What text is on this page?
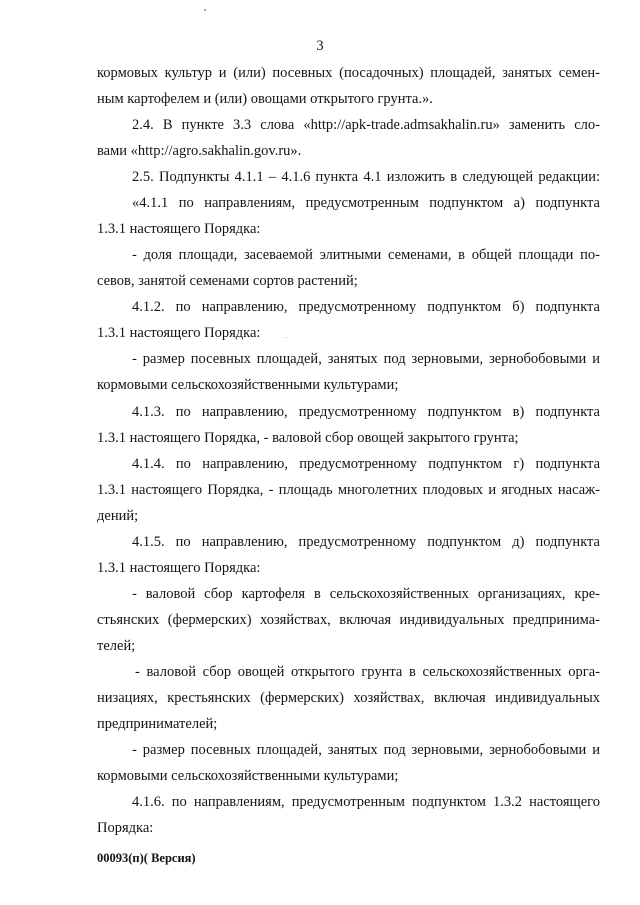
3
кормовых культур и (или) посевных (посадочных) площадей, занятых семен-
ным картофелем и (или) овощами открытого грунта.».
2.4. В пункте 3.3 слова «http://apk-trade.admsakhalin.ru» заменить сло-
вами «http://agro.sakhalin.gov.ru».
2.5. Подпункты 4.1.1 – 4.1.6 пункта 4.1 изложить в следующей редакции:
«4.1.1 по направлениям, предусмотренным подпунктом а) подпункта
1.3.1 настоящего Порядка:
- доля площади, засеваемой элитными семенами, в общей площади по-
севов, занятой семенами сортов растений;
4.1.2. по направлению, предусмотренному подпунктом б) подпункта
1.3.1 настоящего Порядка:
- размер посевных площадей, занятых под зерновыми, зернобобовыми и
кормовыми сельскохозяйственными культурами;
4.1.3. по направлению, предусмотренному подпунктом в) подпункта
1.3.1 настоящего Порядка, - валовой сбор овощей закрытого грунта;
4.1.4. по направлению, предусмотренному подпунктом г) подпункта
1.3.1 настоящего Порядка, - площадь многолетних плодовых и ягодных насаж-
дений;
4.1.5. по направлению, предусмотренному подпунктом д) подпункта
1.3.1 настоящего Порядка:
- валовой сбор картофеля в сельскохозяйственных организациях, кре-
стьянских (фермерских) хозяйствах, включая индивидуальных предпринима-
телей;
- валовой сбор овощей открытого грунта в сельскохозяйственных орга-
низациях, крестьянских (фермерских) хозяйствах, включая индивидуальных
предпринимателей;
- размер посевных площадей, занятых под зерновыми, зернобобовыми и
кормовыми сельскохозяйственными культурами;
4.1.6. по направлениям, предусмотренным подпунктом 1.3.2 настоящего
Порядка:
00093(п)( Версия)
